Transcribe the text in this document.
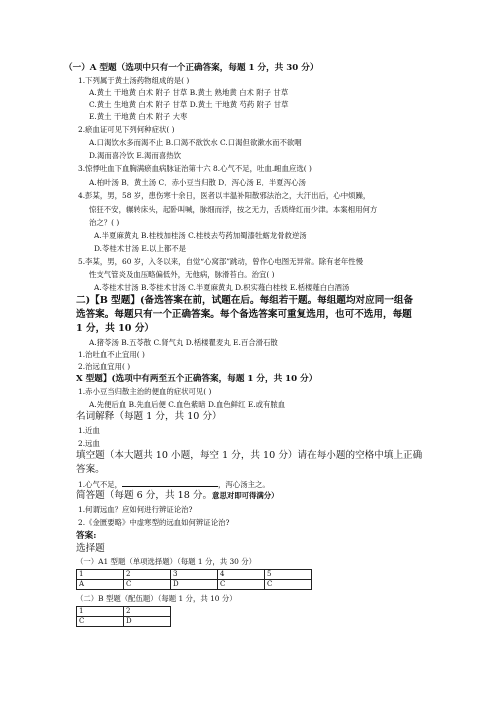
（一）A 型题（选项中只有一个正确答案，每题 1 分，共 30 分）
1.下列属于黄土汤药物组成的是( )
A.黄土 干地黄 白术 附子 甘草 B.黄土 熟地黄 白术 附子 甘草
C.黄土 生地黄 白术 附子 甘草 D.黄土 干地黄 芍药 附子 甘草
E.黄土 干地黄 白术 附子 大枣
2.瘀血证可见下列何种症状( )
A.口渴饮水多而渴不止 B.口渴不欲饮水 C.口渴但欲漱水而不欲咽
D.渴而喜冷饮 E.渴而喜热饮
3.惊悸吐血下血胸满瘀血病脉证治第十六 8.心气不足，吐血.衄血应选( )
A.柏叶汤 B．黄土汤 C．赤小豆当归散 D．泻心汤 E．半夏泻心汤
4.彭某，男，58 岁，患伤寒十余日，医者以丰温补阳散邪法治之，大汗出后，心中烦躁，
惊狂不安，辗转床头，起卧叫喊，脉细而浮，按之无力，舌质绛红而少津。本案相用何方
治之？( )
A.半夏麻黄丸 B.桂枝加桂汤 C.桂枝去芍药加蜀漆牡蛎龙骨救逆汤
D.苓桂术甘汤 E.以上都不是
5.李某，男，60 岁，入冬以来，自觉“心窝部”跳动，曾作心电图无异常。除有老年性慢
性支气管炎及血压略偏低外，无他病，脉滑苔白。治宜( )
A.苓桂术甘汤 B.苓桂术甘汤 C.半夏麻黄丸 D.枳实薤白桂枝 E.栝楼薤白白酒汤
二)【B 型题】(备选答案在前，试题在后。每组若干题。每组题均对应同一组备
选答案。每题只有一个正确答案。每个备选答案可重复选用，也可不选用，每题
1 分，共 10 分）
A.猪苓汤 B.五苓散 C.肾气丸 D.栝楼瞿麦丸 E.百合滑石散
1.治吐血不止宜用( )
2.治远血宜用( )
X 型题】(选项中有两至五个正确答案，每题 1 分，共 10 分）
1.赤小豆当归散主治的便血的症状可见( )
A.先便后血 B.先血后便 C.血色紫暗 D.血色鲜红 E.或有脓血
名词解释（每题 1 分，共 10 分）
1.近血
2.远血
填空题（本大题共 10 小题，每空 1 分，共 10 分）请在每小题的空格中填上正确
答案。
1.心气不足，	，泻心汤主之。
简答题（每题 6 分，共 18 分。意思对即可得满分）
1.何谓远血？应如何进行辨证论治?
2.《金匮要略》中虚寒型的远血如何辨证论治?
答案:
选择题
（一）A1 型题（单项选择题）（每题 1 分，共 30 分）
1	2	3	4	5
A	C	D	C	C
（二）B 型题（配伍题）（每题 1 分，共 10 分）
1	2
C	D
